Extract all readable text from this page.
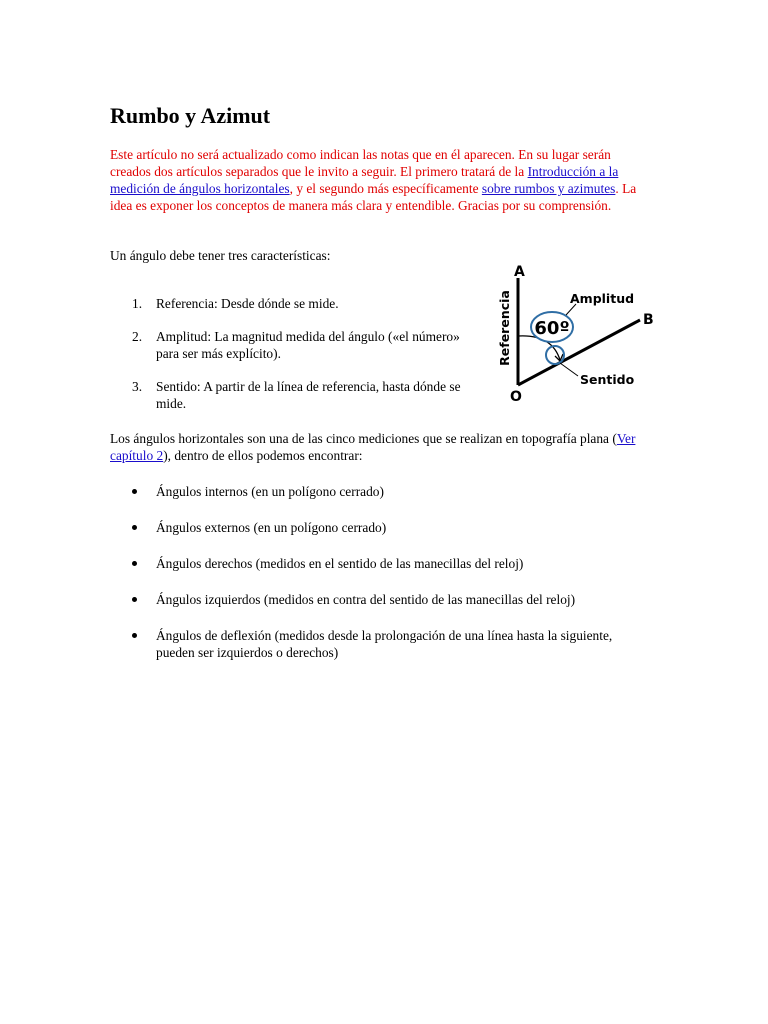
Rumbo y Azimut

Este artículo no será actualizado como indican las notas que en él aparecen. En su lugar serán creados dos artículos separados que le invito a seguir. El primero tratará de la Introducción a la medición de ángulos horizontales, y el segundo más específicamente sobre rumbos y azimutes. La idea es exponer los conceptos de manera más clara y entendible. Gracias por su comprensión.

Un ángulo debe tener tres características:

1. Referencia: Desde dónde se mide.
2. Amplitud: La magnitud medida del ángulo («el número» para ser más explícito).
3. Sentido: A partir de la línea de referencia, hasta dónde se mide.
60º
A
B
O
Amplitud
Sentido
Referencia

Los ángulos horizontales son una de las cinco mediciones que se realizan en topografía plana (Ver capítulo 2), dentro de ellos podemos encontrar:

Ángulos internos (en un polígono cerrado)
Ángulos externos (en un polígono cerrado)
Ángulos derechos (medidos en el sentido de las manecillas del reloj)
Ángulos izquierdos (medidos en contra del sentido de las manecillas del reloj)
Ángulos de deflexión (medidos desde la prolongación de una línea hasta la siguiente, pueden ser izquierdos o derechos)
